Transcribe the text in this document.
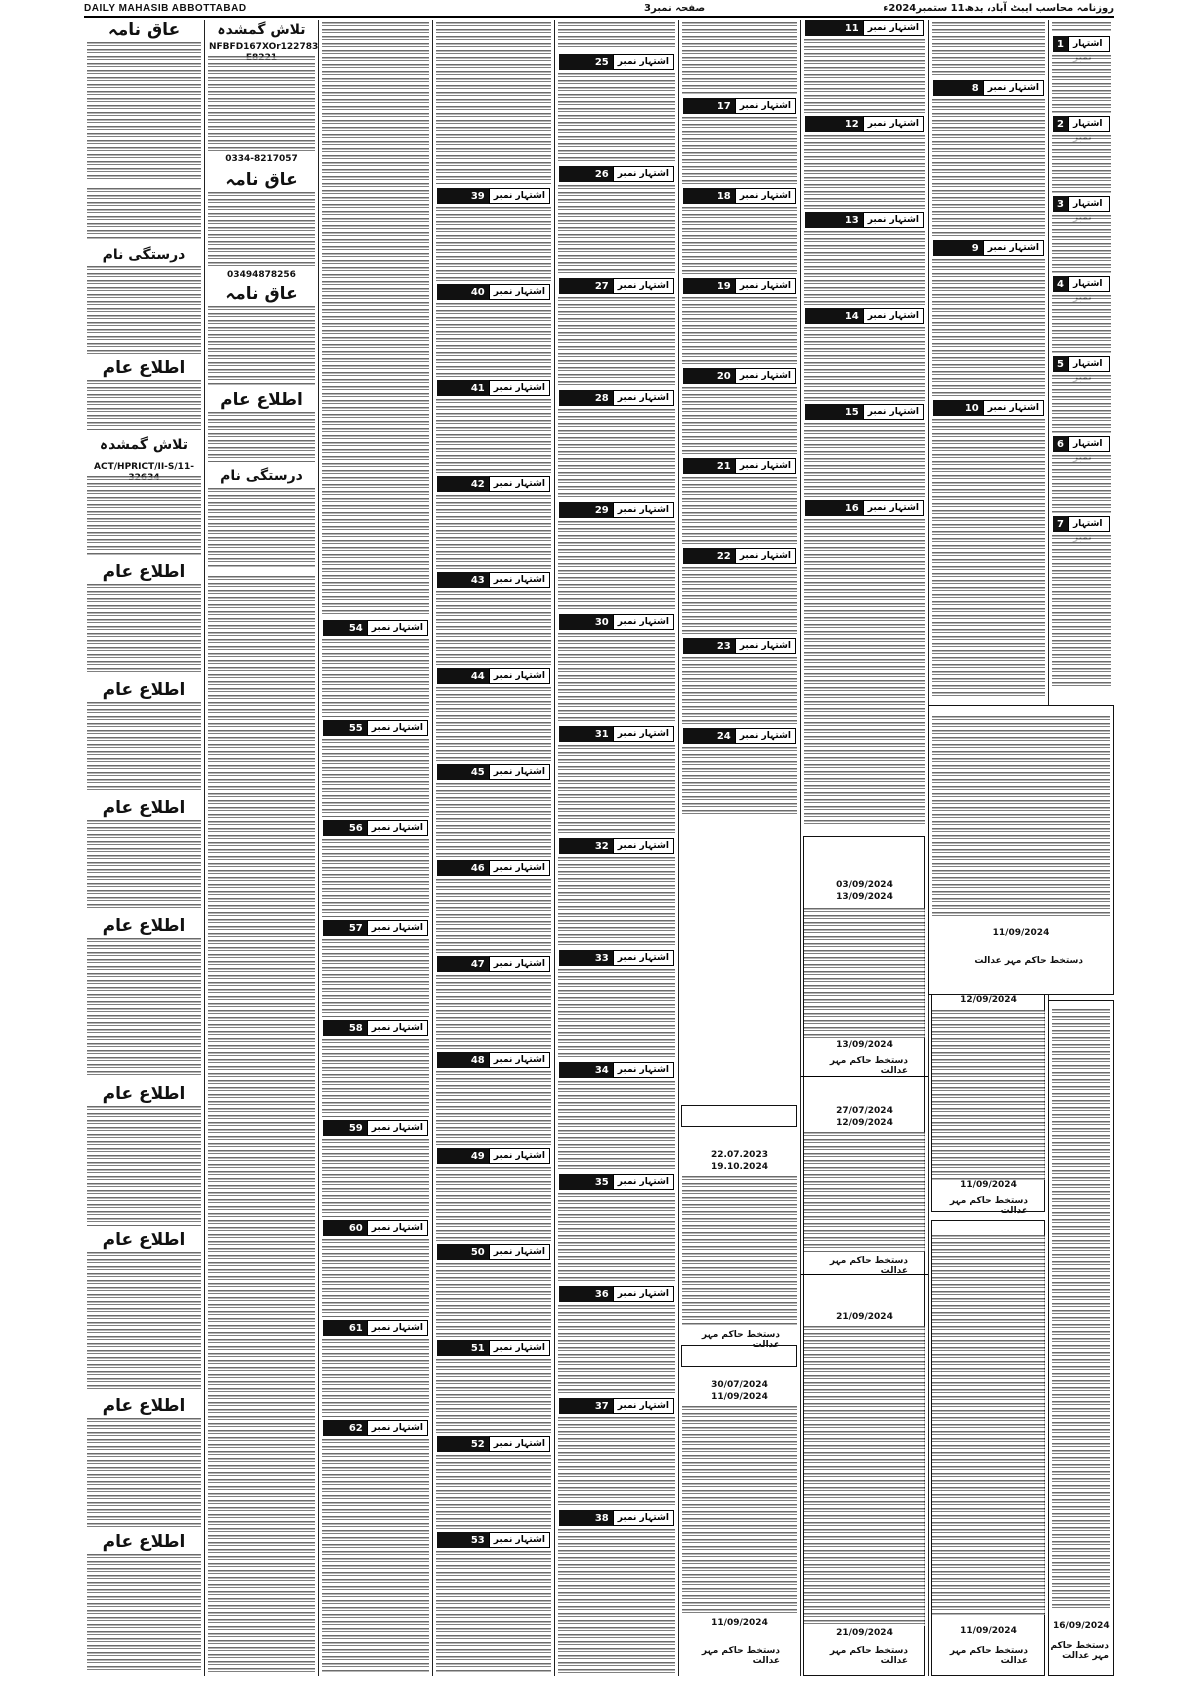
DAILY MAHASIB ABBOTTABAD	صفحہ نمبر3	روزنامہ محاسب ایبٹ آباد، بدھ11 ستمبر2024ء
عاق نامہ
درستگی نام
اطلاع عام
تلاش گمشدہ
ACT/HPRICT/II-S/11-
اطلاع عام
اطلاع عام
اطلاع عام
اطلاع عام
اطلاع عام
اطلاع عام
اطلاع عام
اطلاع عام
تلاش گمشدہ
NFBFD167XOr122783
0334-8217057
عاق نامہ
03494878256
عاق نامہ
اطلاع عام
درستگی نام
54	اشتہار نمبر
55	اشتہار نمبر
56	اشتہار نمبر
57	اشتہار نمبر
58	اشتہار نمبر
59	اشتہار نمبر
60	اشتہار نمبر
61	اشتہار نمبر
62	اشتہار نمبر
39	اشتہار نمبر
40	اشتہار نمبر
41	اشتہار نمبر
42	اشتہار نمبر
43	اشتہار نمبر
44	اشتہار نمبر
45	اشتہار نمبر
46	اشتہار نمبر
47	اشتہار نمبر
48	اشتہار نمبر
49	اشتہار نمبر
50	اشتہار نمبر
51	اشتہار نمبر
52	اشتہار نمبر
53	اشتہار نمبر
25	اشتہار نمبر
26	اشتہار نمبر
27	اشتہار نمبر
28	اشتہار نمبر
29	اشتہار نمبر
30	اشتہار نمبر
31	اشتہار نمبر
32	اشتہار نمبر
33	اشتہار نمبر
34	اشتہار نمبر
35	اشتہار نمبر
36	اشتہار نمبر
37	اشتہار نمبر
38	اشتہار نمبر
17	اشتہار نمبر
18	اشتہار نمبر
19	اشتہار نمبر
20	اشتہار نمبر
21	اشتہار نمبر
22	اشتہار نمبر
23	اشتہار نمبر
24	اشتہار نمبر
22.07.2023
19.10.2024
دستخط حاکم مہر عدالت
30/07/2024
11/09/2024
11/09/2024
دستخط حاکم مہر عدالت
11	اشتہار نمبر
12	اشتہار نمبر
13	اشتہار نمبر
14	اشتہار نمبر
15	اشتہار نمبر
16	اشتہار نمبر
03/09/2024
13/09/2024
13/09/2024
دستخط حاکم مہر عدالت
27/07/2024
12/09/2024
دستخط حاکم مہر عدالت
21/09/2024
21/09/2024
دستخط حاکم مہر عدالت
8	اشتہار نمبر
9	اشتہار نمبر
10	اشتہار نمبر
12/09/2024
11/09/2024
دستخط حاکم مہر عدالت
11/09/2024
دستخط حاکم مہر عدالت
1	اشتہار
2	اشتہار
3	اشتہار
4	اشتہار
5	اشتہار
6	اشتہار
7	اشتہار
11/09/2024
دستخط حاکم مہر عدالت
16/09/2024
دستخط حاکم مہر عدالت
